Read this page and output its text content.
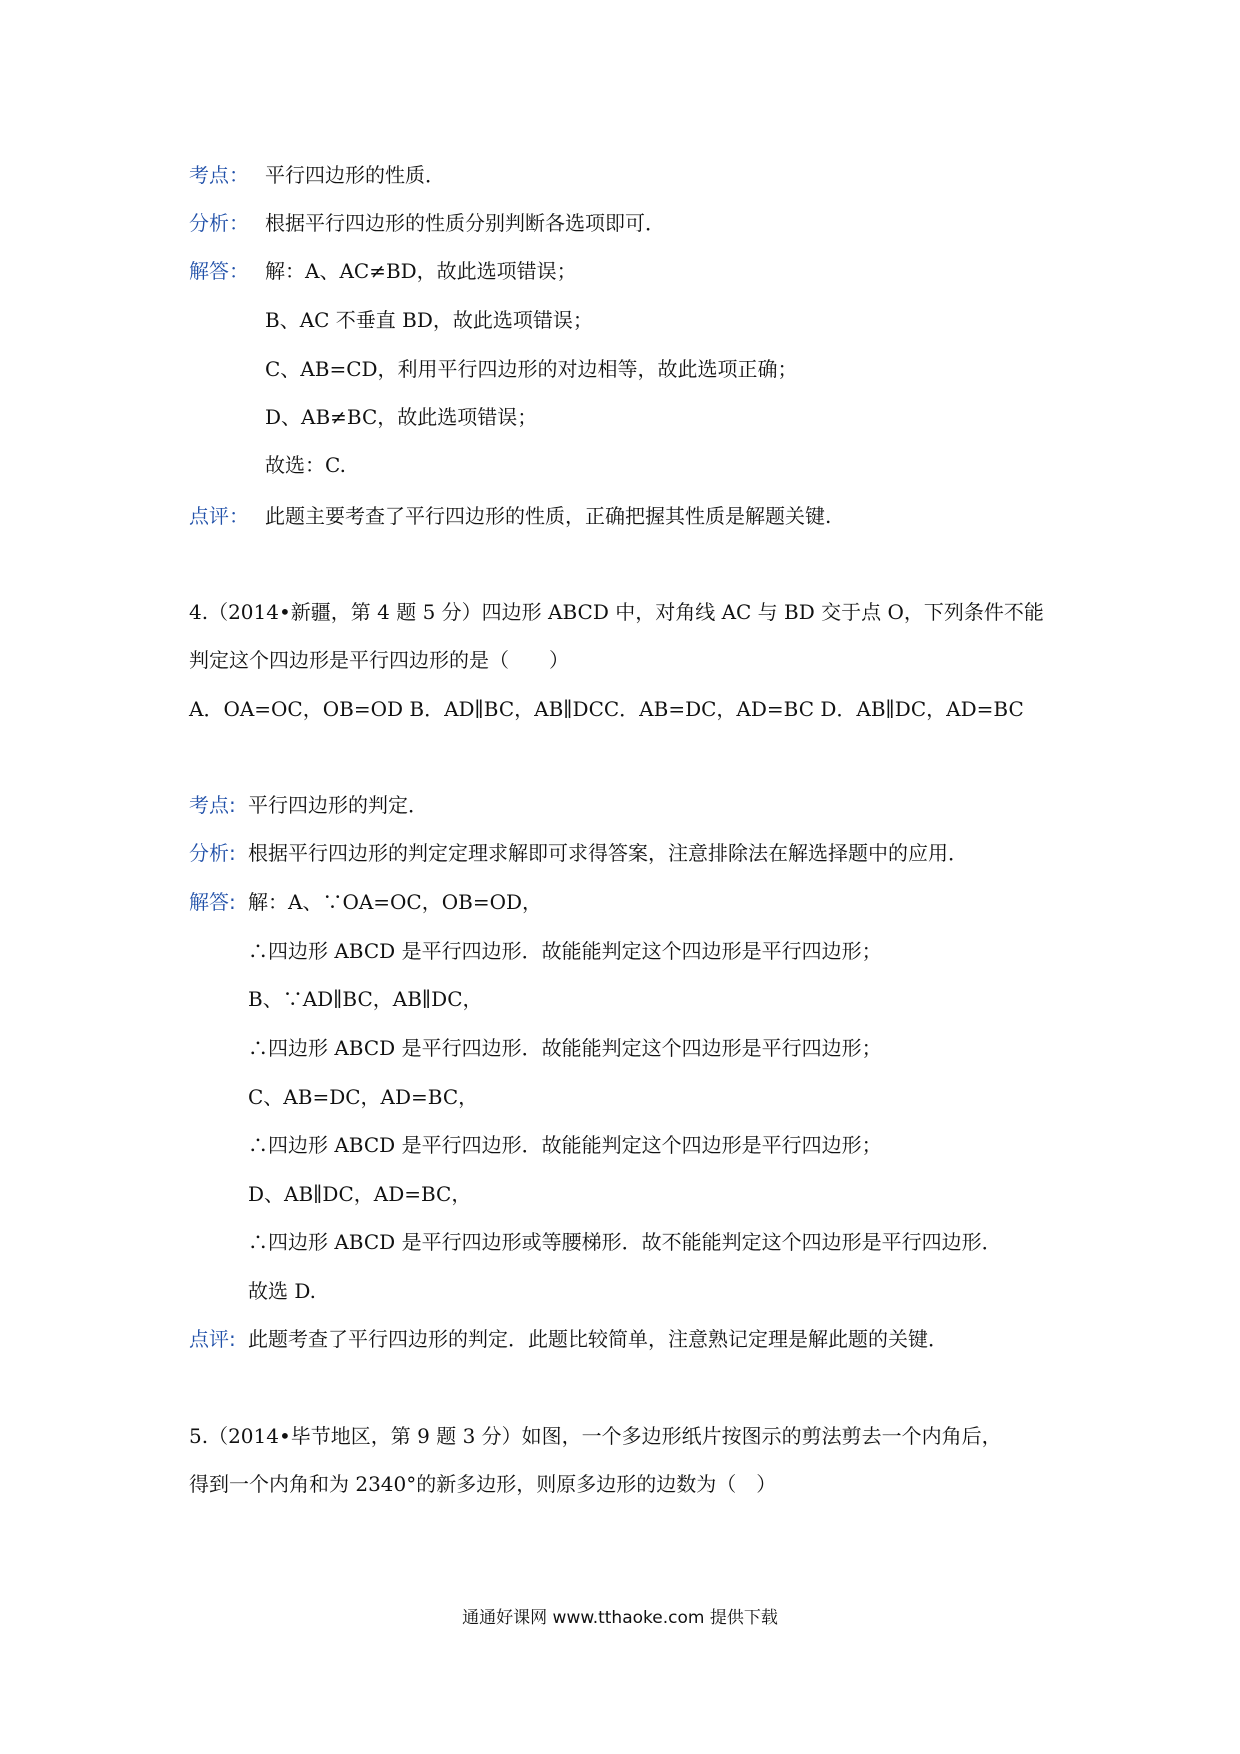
考点： 平行四边形的性质．
分析： 根据平行四边形的性质分别判断各选项即可．
解答： 解：A、AC≠BD，故此选项错误；
B、AC 不垂直 BD，故此选项错误；
C、AB=CD，利用平行四边形的对边相等，故此选项正确；
D、AB≠BC，故此选项错误；
故选：C.
点评： 此题主要考查了平行四边形的性质，正确把握其性质是解题关键.
4.（2014•新疆，第 4 题 5 分）四边形 ABCD 中，对角线 AC 与 BD 交于点 O，下列条件不能
判定这个四边形是平行四边形的是（　　）
A．OA=OC，OB=OD B．AD∥BC，AB∥DCC．AB=DC，AD=BC D．AB∥DC，AD=BC
考点: 平行四边形的判定．
分析: 根据平行四边形的判定定理求解即可求得答案，注意排除法在解选择题中的应用．
解答: 解：A、∵OA=OC，OB=OD，
∴四边形 ABCD 是平行四边形．故能能判定这个四边形是平行四边形；
B、∵AD∥BC，AB∥DC，
∴四边形 ABCD 是平行四边形．故能能判定这个四边形是平行四边形；
C、AB=DC，AD=BC，
∴四边形 ABCD 是平行四边形．故能能判定这个四边形是平行四边形；
D、AB∥DC，AD=BC，
∴四边形 ABCD 是平行四边形或等腰梯形．故不能能判定这个四边形是平行四边形．
故选 D.
点评: 此题考查了平行四边形的判定．此题比较简单，注意熟记定理是解此题的关键．
5.（2014•毕节地区，第 9 题 3 分）如图，一个多边形纸片按图示的剪法剪去一个内角后，
得到一个内角和为 2340°的新多边形，则原多边形的边数为（　）
通通好课网 www.tthaoke.com 提供下载
